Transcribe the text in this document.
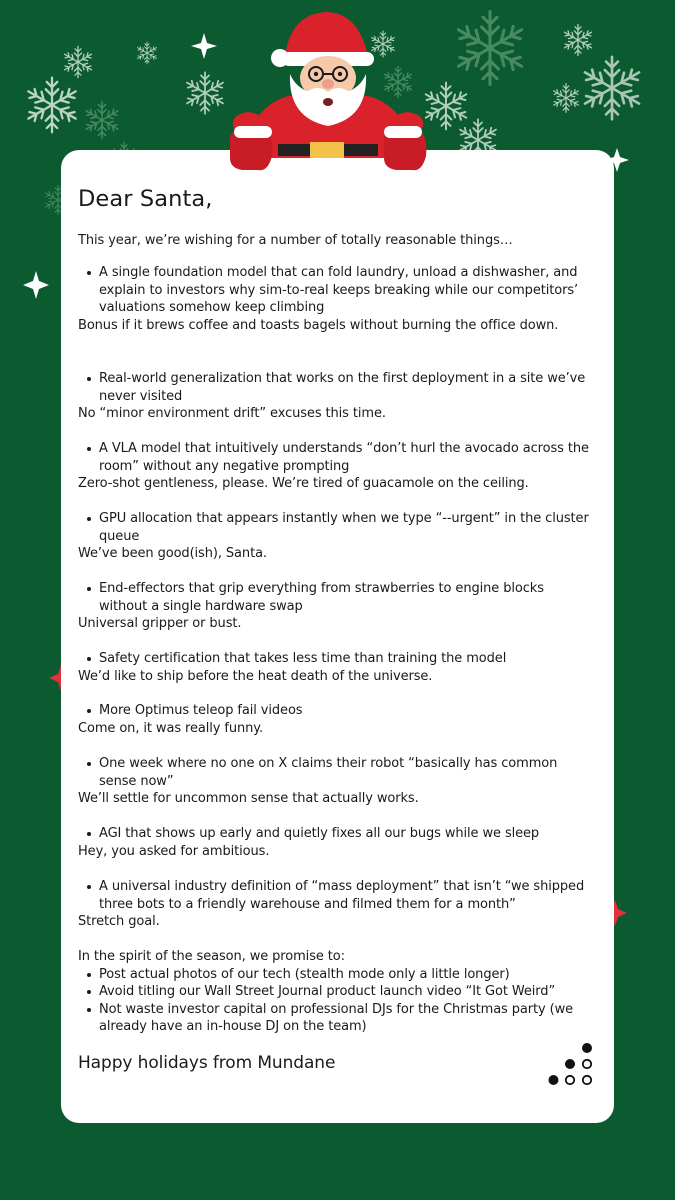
Dear Santa,
This year, we’re wishing for a number of totally reasonable things…
A single foundation model that can fold laundry, unload a dishwasher, and explain to investors why sim-to-real keeps breaking while our competitors’ valuations somehow keep climbing
Bonus if it brews coffee and toasts bagels without burning the office down.
Real-world generalization that works on the first deployment in a site we’ve never visited
No “minor environment drift” excuses this time.
A VLA model that intuitively understands “don’t hurl the avocado across the room” without any negative prompting
Zero-shot gentleness, please. We’re tired of guacamole on the ceiling.
GPU allocation that appears instantly when we type “--urgent” in the cluster queue
We’ve been good(ish), Santa.
End-effectors that grip everything from strawberries to engine blocks without a single hardware swap
Universal gripper or bust.
Safety certification that takes less time than training the model
We’d like to ship before the heat death of the universe.
More Optimus teleop fail videos
Come on, it was really funny.
One week where no one on X claims their robot “basically has common sense now”
We’ll settle for uncommon sense that actually works.
AGI that shows up early and quietly fixes all our bugs while we sleep
Hey, you asked for ambitious.
A universal industry definition of “mass deployment” that isn’t “we shipped three bots to a friendly warehouse and filmed them for a month”
Stretch goal.
In the spirit of the season, we promise to:
Post actual photos of our tech (stealth mode only a little longer)
Avoid titling our Wall Street Journal product launch video “It Got Weird”
Not waste investor capital on professional DJs for the Christmas party (we already have an in-house DJ on the team)
Happy holidays from Mundane
